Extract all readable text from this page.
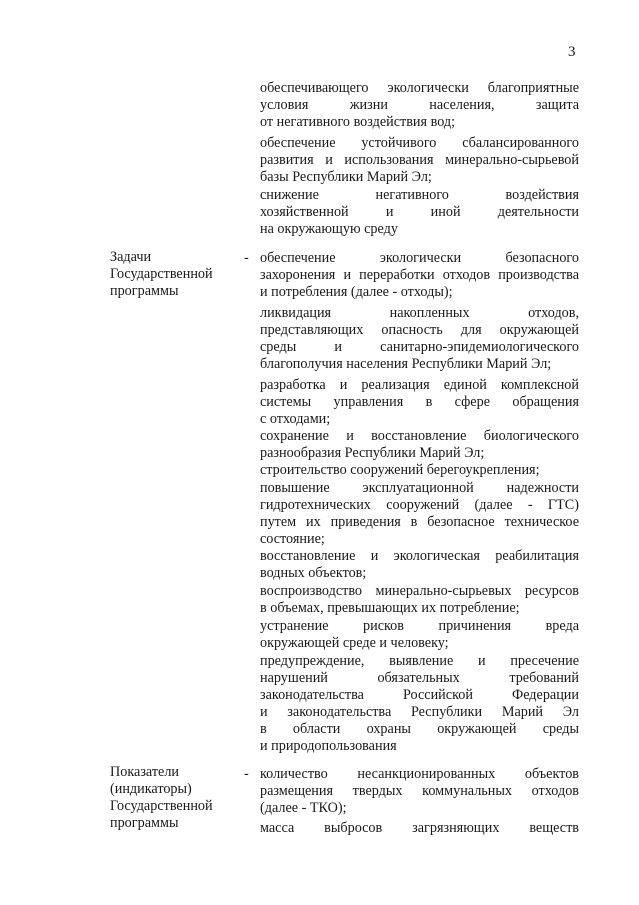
3
обеспечивающего экологически благоприятные
условия жизни населения, защита
от негативного воздействия вод;
обеспечение устойчивого сбалансированного
развития и использования минерально-сырьевой
базы Республики Марий Эл;
снижение негативного воздействия
хозяйственной и иной деятельности
на окружающую среду
Задачи
Государственной
программы
- обеспечение экологически безопасного
захоронения и переработки отходов производства
и потребления (далее - отходы);
ликвидация накопленных отходов,
представляющих опасность для окружающей
среды и санитарно-эпидемиологического
благополучия населения Республики Марий Эл;
разработка и реализация единой комплексной
системы управления в сфере обращения
с отходами;
сохранение и восстановление биологического
разнообразия Республики Марий Эл;
строительство сооружений берегоукрепления;
повышение эксплуатационной надежности
гидротехнических сооружений (далее - ГТС)
путем их приведения в безопасное техническое
состояние;
восстановление и экологическая реабилитация
водных объектов;
воспроизводство минерально-сырьевых ресурсов
в объемах, превышающих их потребление;
устранение рисков причинения вреда
окружающей среде и человеку;
предупреждение, выявление и пресечение
нарушений обязательных требований
законодательства Российской Федерации
и законодательства Республики Марий Эл
в области охраны окружающей среды
и природопользования
Показатели
(индикаторы)
Государственной
программы
- количество несанкционированных объектов
размещения твердых коммунальных отходов
(далее - ТКО);
масса выбросов загрязняющих веществ
